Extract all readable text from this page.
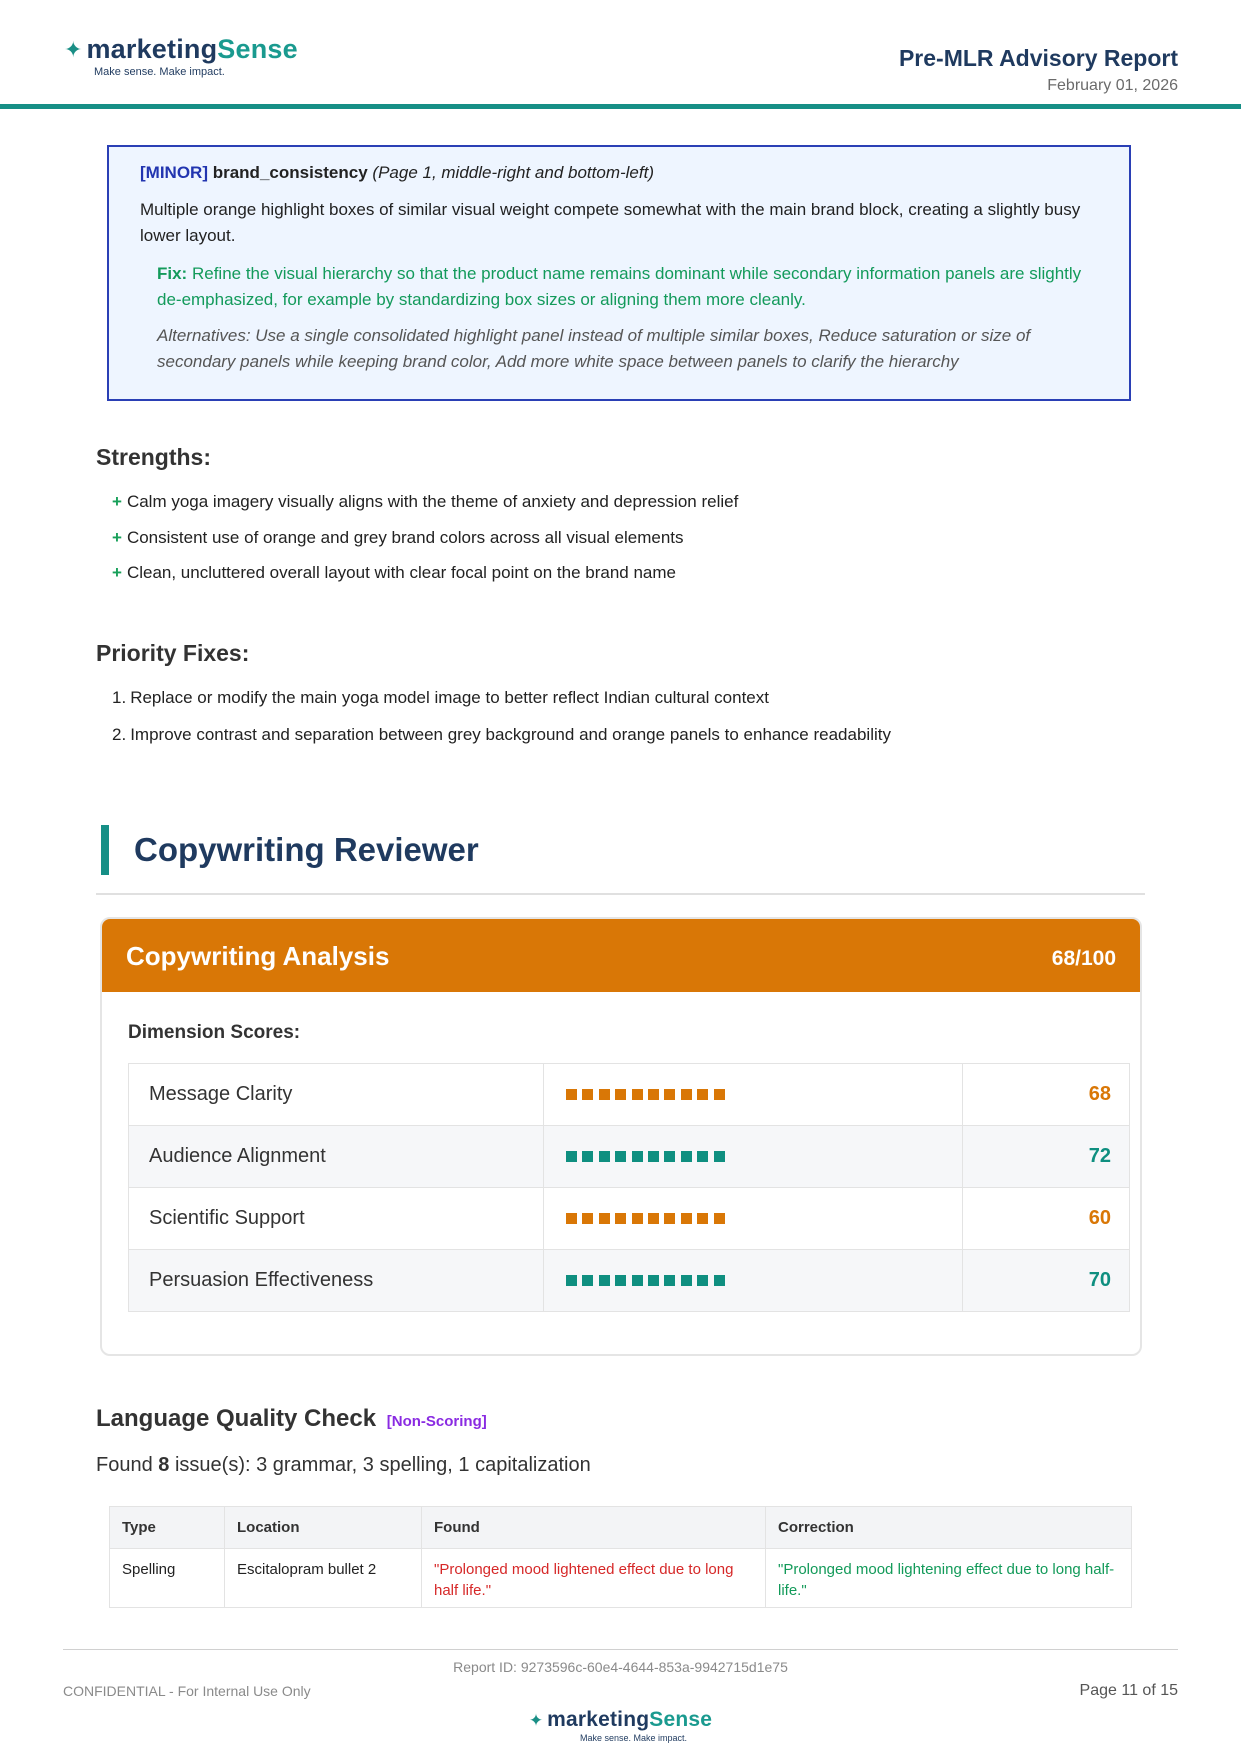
✦ marketingSense
Make sense. Make impact.
Pre-MLR Advisory Report
February 01, 2026
[MINOR] brand_consistency (Page 1, middle-right and bottom-left)
Multiple orange highlight boxes of similar visual weight compete somewhat with the main brand block, creating a slightly busy lower layout.
Fix: Refine the visual hierarchy so that the product name remains dominant while secondary information panels are slightly de-emphasized, for example by standardizing box sizes or aligning them more cleanly.
Alternatives: Use a single consolidated highlight panel instead of multiple similar boxes, Reduce saturation or size of secondary panels while keeping brand color, Add more white space between panels to clarify the hierarchy
Strengths:
+ Calm yoga imagery visually aligns with the theme of anxiety and depression relief
+ Consistent use of orange and grey brand colors across all visual elements
+ Clean, uncluttered overall layout with clear focal point on the brand name
Priority Fixes:
1. Replace or modify the main yoga model image to better reflect Indian cultural context
2. Improve contrast and separation between grey background and orange panels to enhance readability
Copywriting Reviewer
Copywriting Analysis	68/100
Dimension Scores:
Message Clarity		68
Audience Alignment		72
Scientific Support		60
Persuasion Effectiveness		70
Language Quality Check [Non-Scoring]
Found 8 issue(s): 3 grammar, 3 spelling, 1 capitalization
Type	Location	Found	Correction
Spelling	Escitalopram bullet 2	"Prolonged mood lightened effect due to long half life."	"Prolonged mood lightening effect due to long half-life."
Report ID: 9273596c-60e4-4644-853a-9942715d1e75
CONFIDENTIAL - For Internal Use Only	Page 11 of 15
✦ marketingSense
Make sense. Make impact.
